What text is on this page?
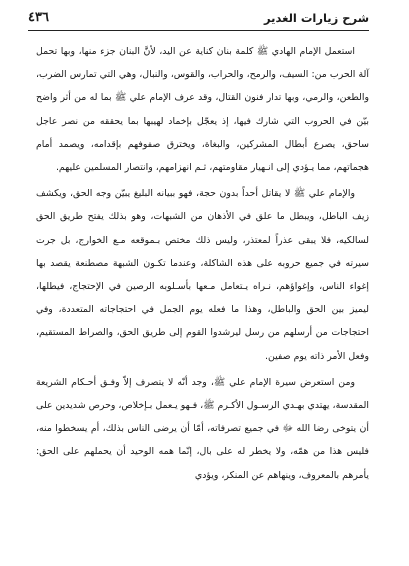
٤٣٦	شرح زيارات الغدير

استعمل الإمام الهادي ﷺ كلمة بنان كناية عن اليد، لأنَّ البنان جزء منها، وبها تحمل آلة الحرب من: السيف، والرمح، والحراب، والقوس، والنبال، وهي التي تمارس الضرب، والطعن، والرمي، وبها تدار فنون القتال، وقد عرف الإمام علي ﷺ بما له من أثر واضح بيّن في الحروب التي شارك فيها، إذ يعجّل بإخماد لهيبها بما يحققه من نصر عاجل ساحق، يصرع أبطال المشركين، والبغاة، ويخترق صفوفهم بإقدامه، ويصمد أمام هجماتهم، مما يـؤدي إلى انـهيار مقاومتهم، ثـم انهزامهم، وانتصار المسلمين عليهم.

والإمام علي ﷺ لا يقاتل أحداً بدون حجة، فهو ببيانه البليغ يبيّن وجه الحق، ويكشف زيف الباطل، ويبطل ما علق في الأذهان من الشبهات، وهو بذلك يفتح طريق الحق لسالكيه، فلا يبقى عذراً لمعتذر، وليس ذلك مختص بـموقعه مـع الخوارج، بل جرت سيرته في جميع حروبه على هذه الشاكلة، وعندما تكـون الشبهة مصطنعة يقصد بها إغواء الناس، وإغواؤهم، نـراه يـتعامل مـعها بأسـلوبه الرصين في الإحتجاج، فيطلها، ليميز بين الحق والباطل، وهذا ما فعله يوم الجمل في احتجاجاته المتعددة، وفي احتجاجات من أرسلهم من رسل ليرشدوا القوم إلى طريق الحق، والصراط المستقيم، وفعل الأمر ذاته يوم صفين.

ومن استعرض سيرة الإمام علي ﷺ، وجد أنّه لا يتصرف إلاّ وفـق أحـكام الشريعة المقدسة، يهتدي بهـدي الرسـول الأكـرم ﷺ، فـهو يـعمل بـإخلاص، وحرص شديدين على أن يتوخى رضا الله ﷻ في جميع تصرفاته، أمّا أن يرضى الناس بذلك، أم يسخطوا منه، فليس هذا من همّه، ولا يخطر له على بال، إنّما همه الوحيد أن يحملهم على الحق: يأمرهم بالمعروف، وينهاهم عن المنكر، ويؤدي
